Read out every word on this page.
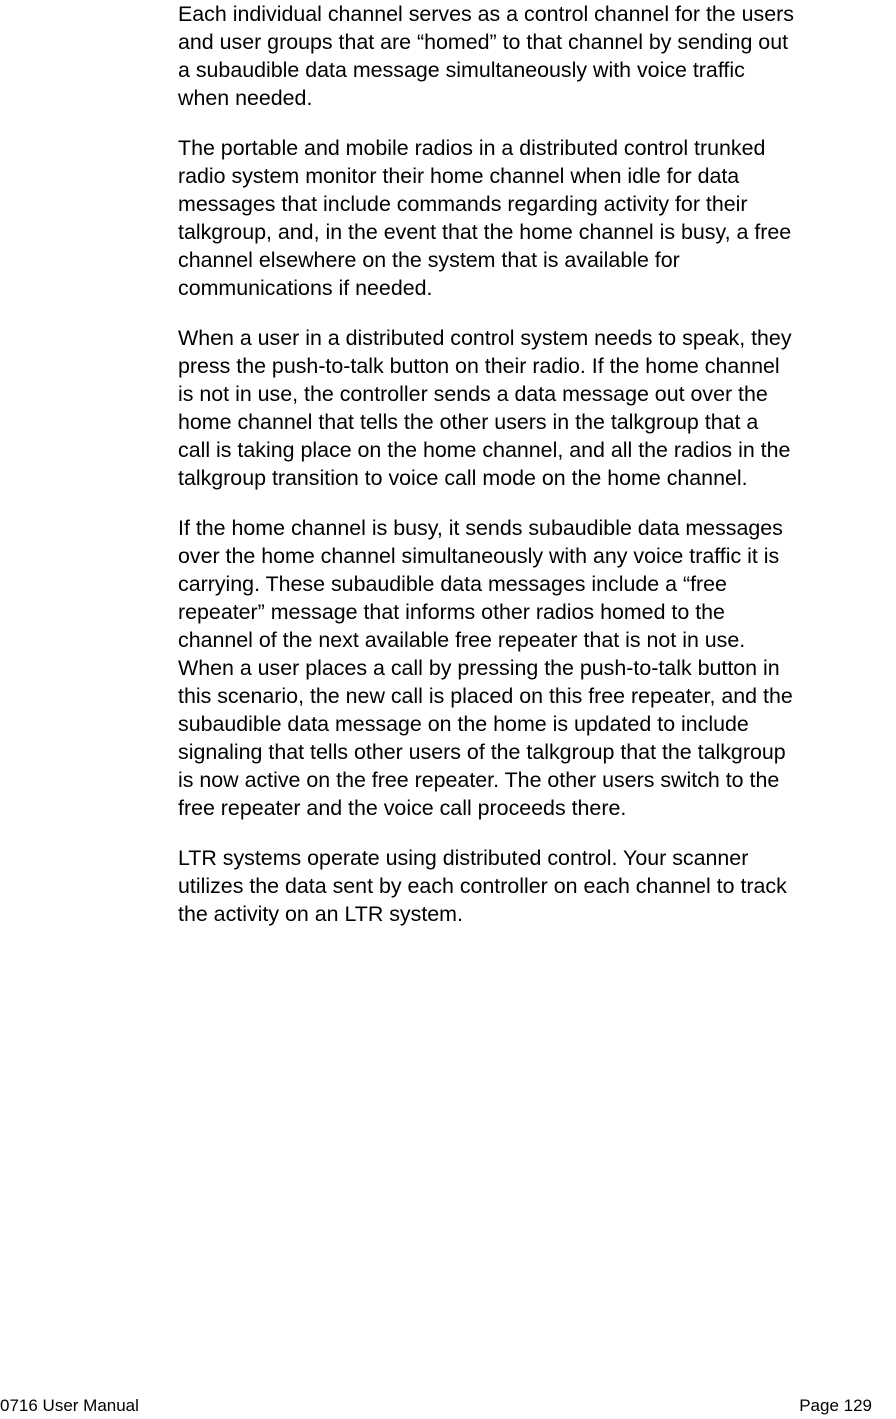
Each individual channel serves as a control channel for the users
and user groups that are “homed” to that channel by sending out
a subaudible data message simultaneously with voice traffic
when needed.

The portable and mobile radios in a distributed control trunked
radio system monitor their home channel when idle for data
messages that include commands regarding activity for their
talkgroup, and, in the event that the home channel is busy, a free
channel elsewhere on the system that is available for
communications if needed.

When a user in a distributed control system needs to speak, they
press the push-to-talk button on their radio. If the home channel
is not in use, the controller sends a data message out over the
home channel that tells the other users in the talkgroup that a
call is taking place on the home channel, and all the radios in the
talkgroup transition to voice call mode on the home channel.

If the home channel is busy, it sends subaudible data messages
over the home channel simultaneously with any voice traffic it is
carrying. These subaudible data messages include a “free
repeater” message that informs other radios homed to the
channel of the next available free repeater that is not in use.
When a user places a call by pressing the push-to-talk button in
this scenario, the new call is placed on this free repeater, and the
subaudible data message on the home is updated to include
signaling that tells other users of the talkgroup that the talkgroup
is now active on the free repeater. The other users switch to the
free repeater and the voice call proceeds there.

LTR systems operate using distributed control. Your scanner
utilizes the data sent by each controller on each channel to track
the activity on an LTR system.

0716 User Manual	Page 129
